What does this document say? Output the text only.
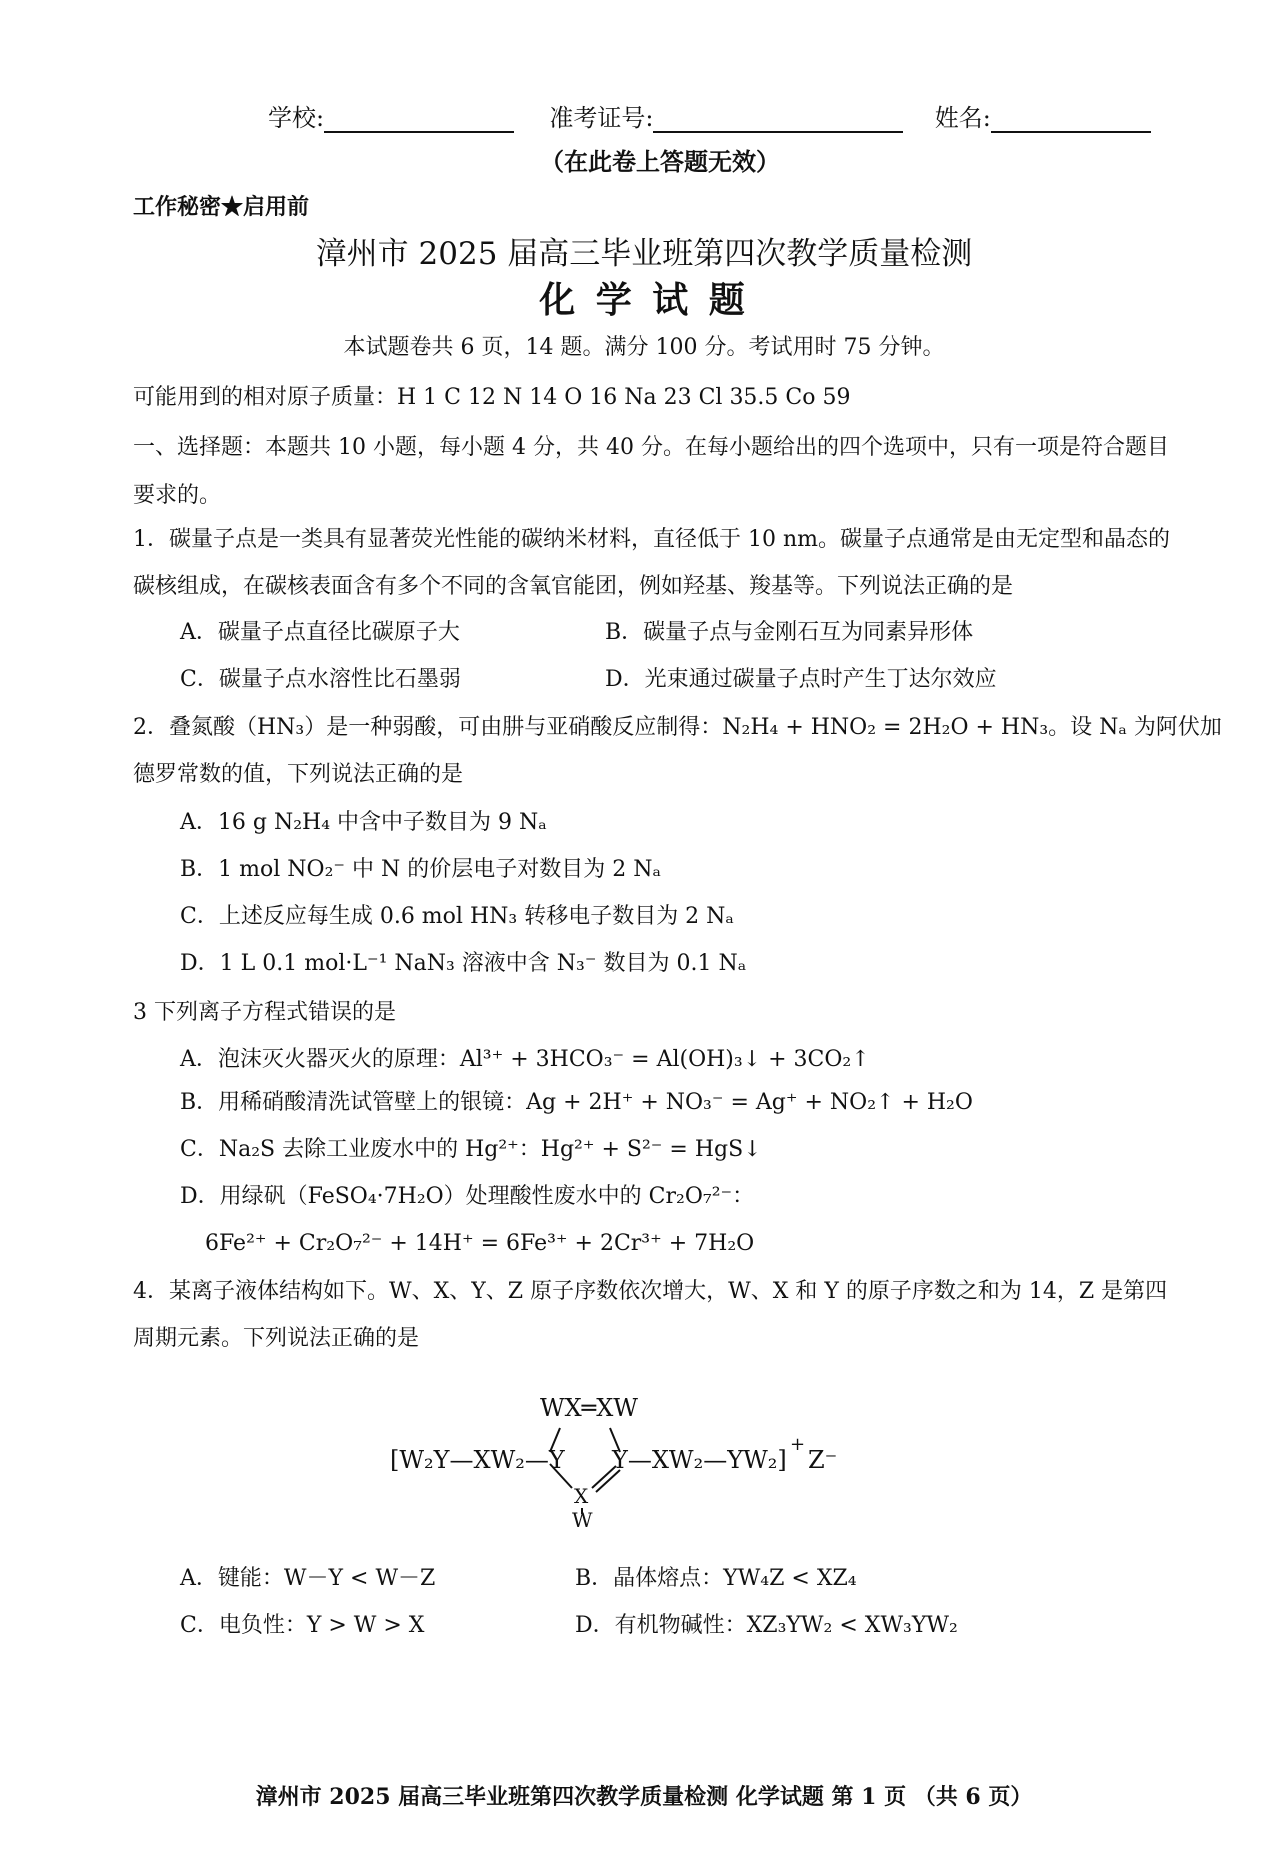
学校:	准考证号:	姓名:
（在此卷上答题无效）
工作秘密★启用前
漳州市 2025 届高三毕业班第四次教学质量检测
化 学 试 题
本试题卷共 6 页，14 题。满分 100 分。考试用时 75 分钟。
可能用到的相对原子质量：H 1 C 12 N 14 O 16 Na 23 Cl 35.5 Co 59
一、选择题：本题共 10 小题，每小题 4 分，共 40 分。在每小题给出的四个选项中，只有一项是符合题目
要求的。
1．碳量子点是一类具有显著荧光性能的碳纳米材料，直径低于 10 nm。碳量子点通常是由无定型和晶态的
碳核组成，在碳核表面含有多个不同的含氧官能团，例如羟基、羧基等。下列说法正确的是
A．碳量子点直径比碳原子大	B．碳量子点与金刚石互为同素异形体
C．碳量子点水溶性比石墨弱	D．光束通过碳量子点时产生丁达尔效应
2．叠氮酸（HN₃）是一种弱酸，可由肼与亚硝酸反应制得：N₂H₄ + HNO₂ = 2H₂O + HN₃。设 Nₐ 为阿伏加
德罗常数的值，下列说法正确的是
A．16 g N₂H₄ 中含中子数目为 9 Nₐ
B．1 mol NO₂⁻ 中 N 的价层电子对数目为 2 Nₐ
C．上述反应每生成 0.6 mol HN₃ 转移电子数目为 2 Nₐ
D．1 L 0.1 mol·L⁻¹ NaN₃ 溶液中含 N₃⁻ 数目为 0.1 Nₐ
3 下列离子方程式错误的是
A．泡沫灭火器灭火的原理：Al³⁺ + 3HCO₃⁻ = Al(OH)₃↓ + 3CO₂↑
B．用稀硝酸清洗试管壁上的银镜：Ag + 2H⁺ + NO₃⁻ = Ag⁺ + NO₂↑ + H₂O
C．Na₂S 去除工业废水中的 Hg²⁺：Hg²⁺ + S²⁻ = HgS↓
D．用绿矾（FeSO₄·7H₂O）处理酸性废水中的 Cr₂O₇²⁻：
6Fe²⁺ + Cr₂O₇²⁻ + 14H⁺ = 6Fe³⁺ + 2Cr³⁺ + 7H₂O
4．某离子液体结构如下。W、X、Y、Z 原子序数依次增大，W、X 和 Y 的原子序数之和为 14，Z 是第四
周期元素。下列说法正确的是
WX═XW
[W₂Y—XW₂—Y Y—XW₂—YW₂]
+
Z⁻
X
W
A．键能：W－Y < W－Z	B．晶体熔点：YW₄Z < XZ₄
C．电负性：Y > W > X	D．有机物碱性：XZ₃YW₂ < XW₃YW₂
漳州市 2025 届高三毕业班第四次教学质量检测 化学试题 第 1 页 （共 6 页）
